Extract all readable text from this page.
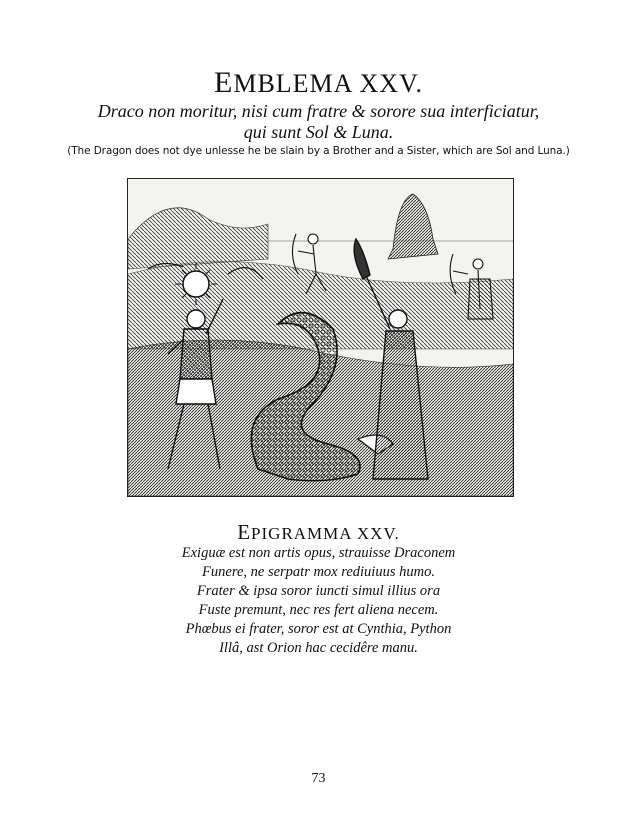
EMBLEMA XXV.
Draco non moritur, nisi cum fratre & sorore sua interficiatur,
qui sunt Sol & Luna.
(The Dragon does not dye unlesse he be slain by a Brother and a Sister, which are Sol and Luna.)
EPIGRAMMA XXV.
Exiguæ est non artis opus, strauisse Draconem
Funere, ne serpatr mox rediuiuus humo.
Frater & ipsa soror iuncti simul illius ora
Fuste premunt, nec res fert aliena necem.
Phœbus ei frater, soror est at Cynthia, Python
Illâ, ast Orion hac cecidêre manu.
73
